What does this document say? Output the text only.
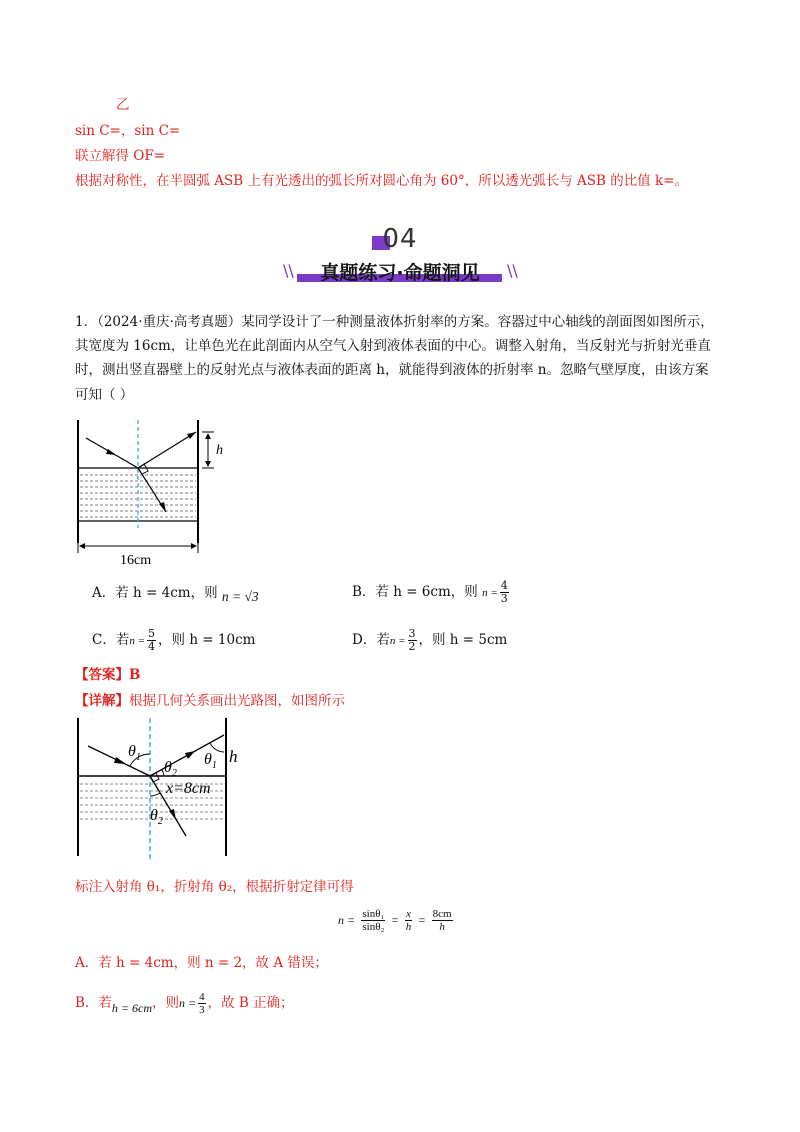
乙
sin C=，sin C=
联立解得 OF=
根据对称性，在半圆弧 ASB 上有光透出的弧长所对圆心角为 60°，所以透光弧长与 ASB 的比值 k=。
04
\\	\\
真题练习·命题洞见
1．（2024·重庆·高考真题）某同学设计了一种测量液体折射率的方案。容器过中心轴线的剖面图如图所示，
其宽度为 16cm，让单色光在此剖面内从空气入射到液体表面的中心。调整入射角，当反射光与折射光垂直
时，测出竖直器壁上的反射光点与液体表面的距离 h，就能得到液体的折射率 n。忽略气壁厚度，由该方案
可知（ ）
h
16cm
A．若 h = 4cm，则 n = √3	B．若 h = 6cm，则 $n = \frac{4}{3}$
C．若$n = \frac{5}{4}$ ，则 h = 10cm	D．若$n = \frac{3}{2}$ ，则 h = 5cm
【答案】B
【详解】根据几何关系画出光路图，如图所示
$\theta_1$
$\theta_2$
$\theta_1$ h
x=8cm
$\theta_2$
标注入射角 θ₁，折射角 θ₂，根据折射定律可得
$n = \frac{\text{sinθ₁}}{\text{sinθ₂}} = \frac{x}{h} = \frac{8cm}{h}$
A．若 h = 4cm，则 n = 2，故 A 错误；
B．若h = 6cm，则$n = \frac{4}{3}$ ，故 B 正确；
